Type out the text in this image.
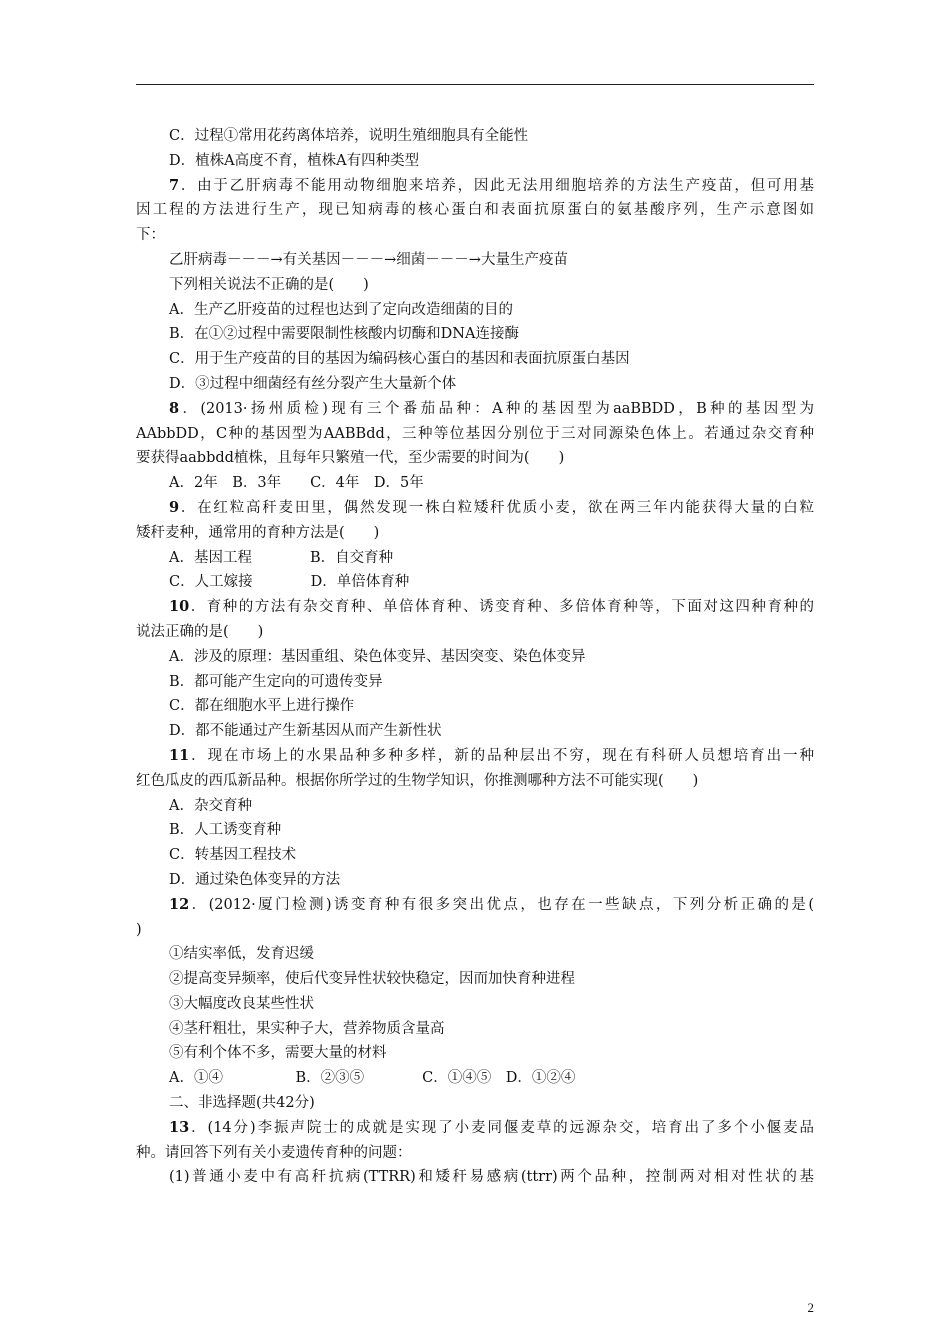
C．过程①常用花药离体培养，说明生殖细胞具有全能性
D．植株A高度不育，植株A有四种类型
7．由于乙肝病毒不能用动物细胞来培养，因此无法用细胞培养的方法生产疫苗，但可用基
因工程的方法进行生产，现已知病毒的核心蛋白和表面抗原蛋白的氨基酸序列，生产示意图如
下：
乙肝病毒－－－→有关基因－－－→细菌－－－→大量生产疫苗
下列相关说法不正确的是(　　)
A．生产乙肝疫苗的过程也达到了定向改造细菌的目的
B．在①②过程中需要限制性核酸内切酶和DNA连接酶
C．用于生产疫苗的目的基因为编码核心蛋白的基因和表面抗原蛋白基因
D．③过程中细菌经有丝分裂产生大量新个体
8．(2013·扬州质检)现有三个番茄品种：A种的基因型为aaBBDD，B种的基因型为
AAbbDD，C种的基因型为AABBdd，三种等位基因分别位于三对同源染色体上。若通过杂交育种
要获得aabbdd植株，且每年只繁殖一代，至少需要的时间为(　　)
A．2年　B．3年　　C．4年　D．5年
9．在红粒高秆麦田里，偶然发现一株白粒矮秆优质小麦，欲在两三年内能获得大量的白粒
矮秆麦种，通常用的育种方法是(　　)
A．基因工程　　　　B．自交育种
C．人工嫁接　　　　D．单倍体育种
10．育种的方法有杂交育种、单倍体育种、诱变育种、多倍体育种等，下面对这四种育种的
说法正确的是(　　)
A．涉及的原理：基因重组、染色体变异、基因突变、染色体变异
B．都可能产生定向的可遗传变异
C．都在细胞水平上进行操作
D．都不能通过产生新基因从而产生新性状
11．现在市场上的水果品种多种多样，新的品种层出不穷，现在有科研人员想培育出一种
红色瓜皮的西瓜新品种。根据你所学过的生物学知识，你推测哪种方法不可能实现(　　)
A．杂交育种
B．人工诱变育种
C．转基因工程技术
D．通过染色体变异的方法
12．(2012·厦门检测)诱变育种有很多突出优点，也存在一些缺点，下列分析正确的是(
)
①结实率低，发育迟缓
②提高变异频率，使后代变异性状较快稳定，因而加快育种进程
③大幅度改良某些性状
④茎秆粗壮，果实种子大，营养物质含量高
⑤有利个体不多，需要大量的材料
A．①④　　　　　B．②③⑤　　　　C．①④⑤　D．①②④
二、非选择题(共42分)
13．(14分)李振声院士的成就是实现了小麦同偃麦草的远源杂交，培育出了多个小偃麦品
种。请回答下列有关小麦遗传育种的问题：
(1)普通小麦中有高秆抗病(TTRR)和矮秆易感病(ttrr)两个品种，控制两对相对性状的基
2
